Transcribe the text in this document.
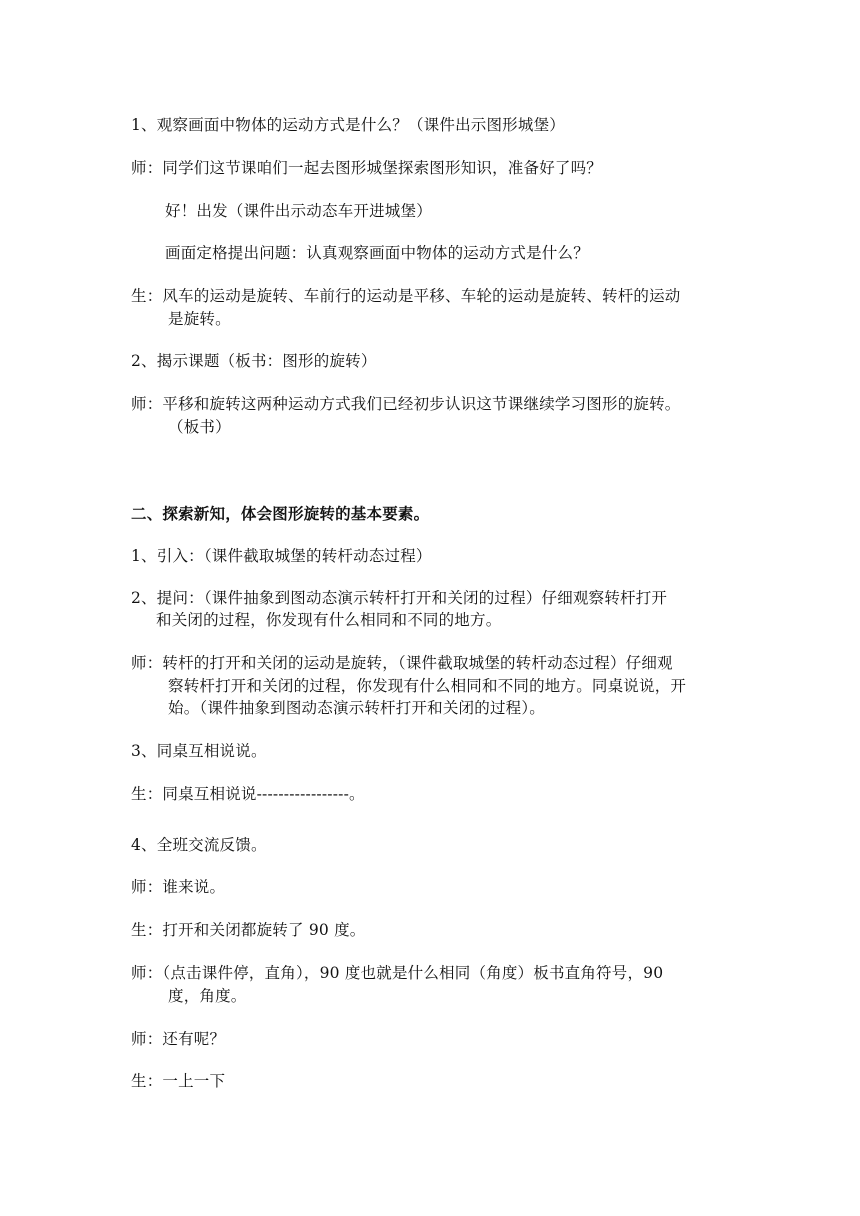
1、观察画面中物体的运动方式是什么？（课件出示图形城堡）
师：同学们这节课咱们一起去图形城堡探索图形知识，准备好了吗？
好！出发（课件出示动态车开进城堡）
画面定格提出问题：认真观察画面中物体的运动方式是什么？
生：风车的运动是旋转、车前行的运动是平移、车轮的运动是旋转、转杆的运动
是旋转。
2、揭示课题（板书：图形的旋转）
师：平移和旋转这两种运动方式我们已经初步认识这节课继续学习图形的旋转。
（板书）
二、探索新知，体会图形旋转的基本要素。
1、引入：（课件截取城堡的转杆动态过程）
2、提问：（课件抽象到图动态演示转杆打开和关闭的过程）仔细观察转杆打开
和关闭的过程，你发现有什么相同和不同的地方。
师：转杆的打开和关闭的运动是旋转，（课件截取城堡的转杆动态过程）仔细观
察转杆打开和关闭的过程，你发现有什么相同和不同的地方。同桌说说，开
始。（课件抽象到图动态演示转杆打开和关闭的过程）。
3、同桌互相说说。
生：同桌互相说说-----------------。
4、全班交流反馈。
师：谁来说。
生：打开和关闭都旋转了 90 度。
师：（点击课件停，直角），90 度也就是什么相同（角度）板书直角符号，90
度，角度。
师：还有呢？
生：一上一下
